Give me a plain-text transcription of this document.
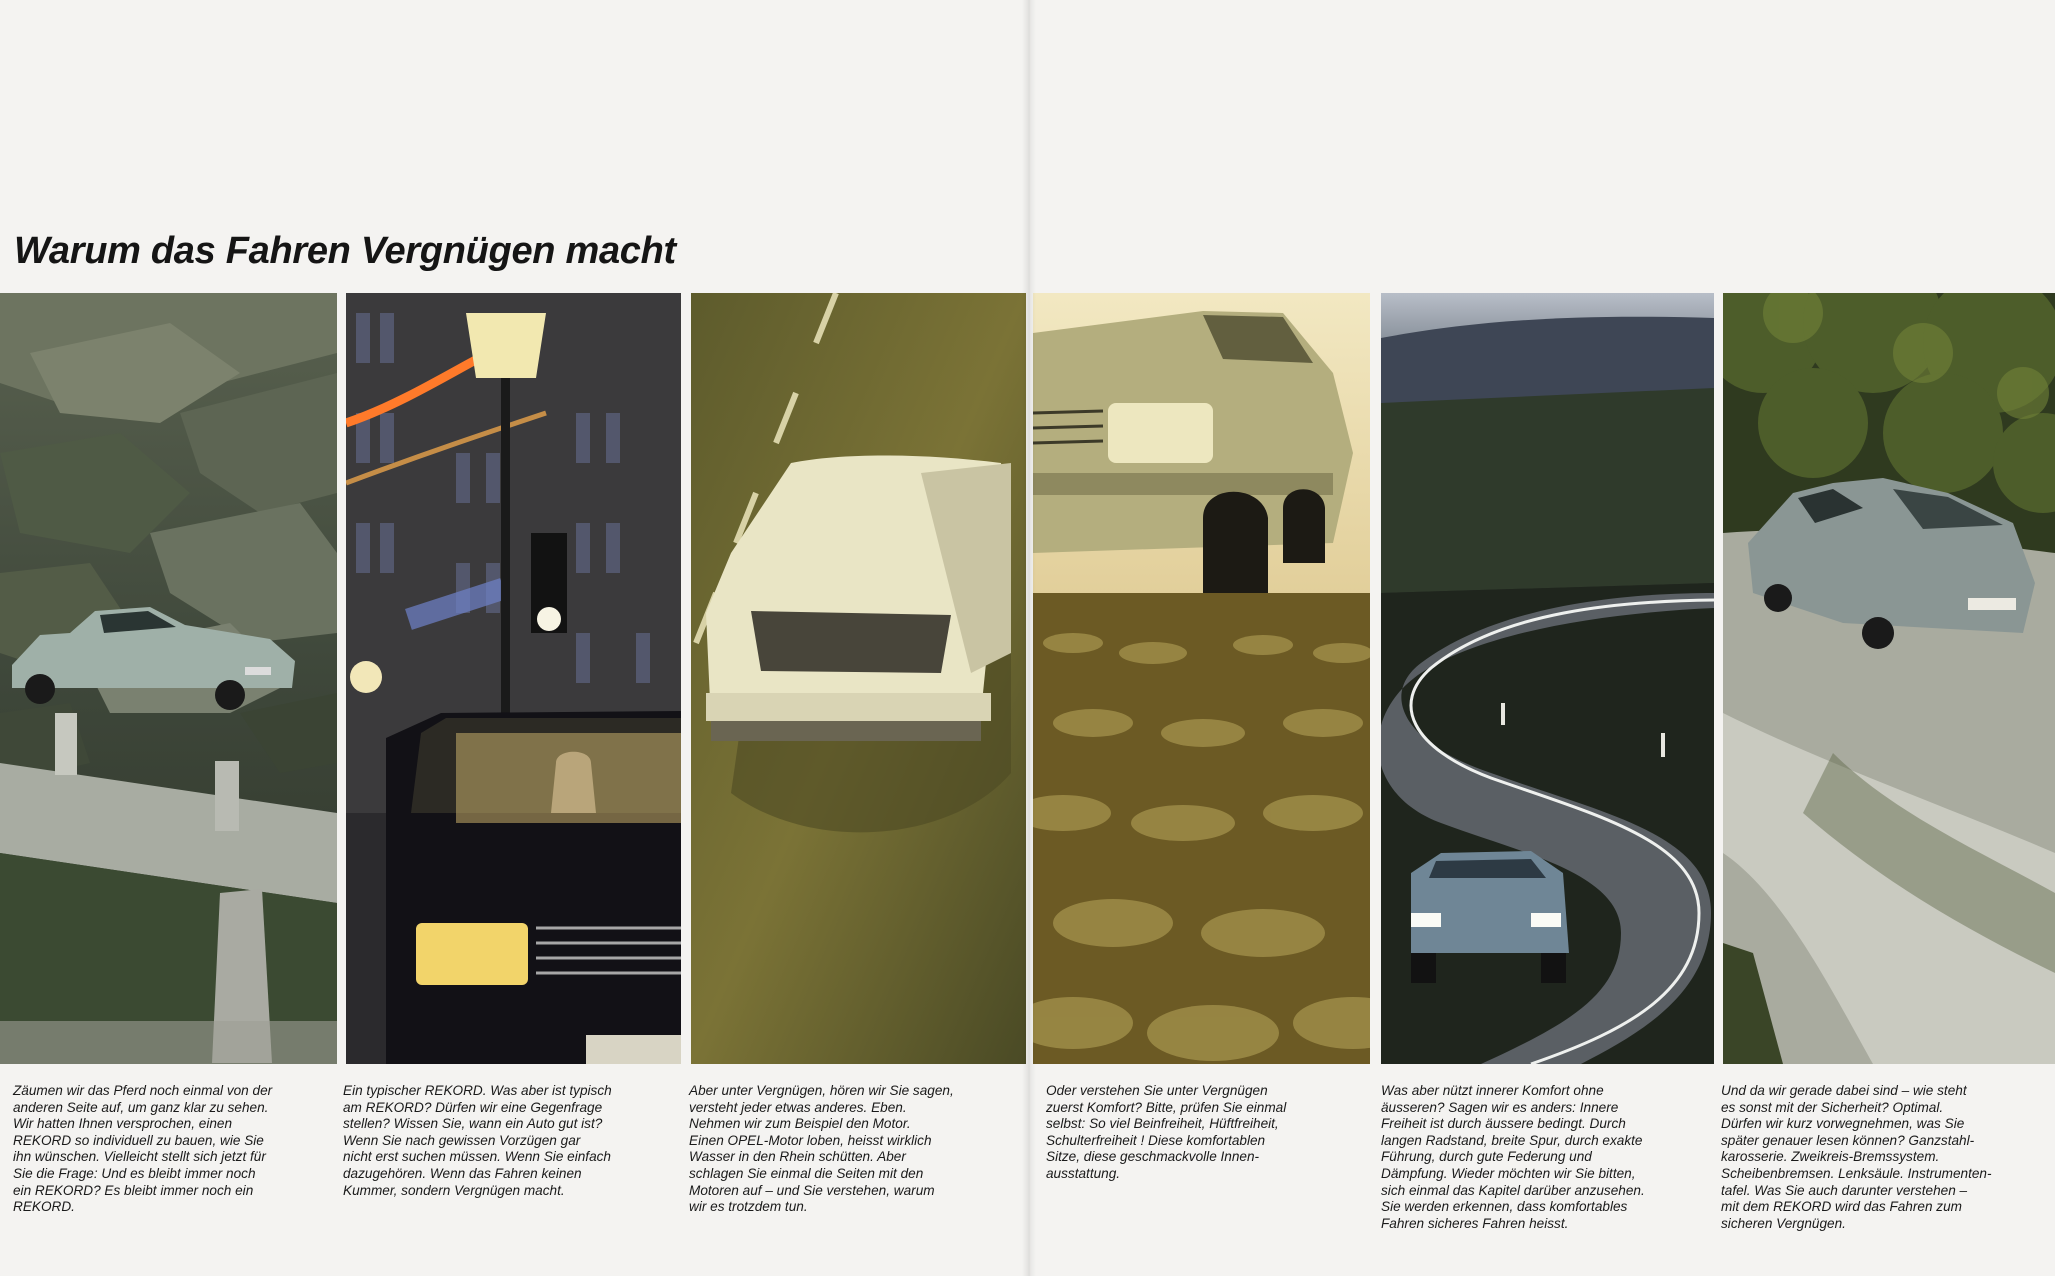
Warum das Fahren Vergnügen macht

Zäumen wir das Pferd noch einmal von der
anderen Seite auf, um ganz klar zu sehen.
Wir hatten Ihnen versprochen, einen
REKORD so individuell zu bauen, wie Sie
ihn wünschen. Vielleicht stellt sich jetzt für
Sie die Frage: Und es bleibt immer noch
ein REKORD? Es bleibt immer noch ein
REKORD.

Ein typischer REKORD. Was aber ist typisch
am REKORD? Dürfen wir eine Gegenfrage
stellen? Wissen Sie, wann ein Auto gut ist?
Wenn Sie nach gewissen Vorzügen gar
nicht erst suchen müssen. Wenn Sie einfach
dazugehören. Wenn das Fahren keinen
Kummer, sondern Vergnügen macht.

Aber unter Vergnügen, hören wir Sie sagen,
versteht jeder etwas anderes. Eben.
Nehmen wir zum Beispiel den Motor.
Einen OPEL-Motor loben, heisst wirklich
Wasser in den Rhein schütten. Aber
schlagen Sie einmal die Seiten mit den
Motoren auf – und Sie verstehen, warum
wir es trotzdem tun.

Oder verstehen Sie unter Vergnügen
zuerst Komfort? Bitte, prüfen Sie einmal
selbst: So viel Beinfreiheit, Hüftfreiheit,
Schulterfreiheit ! Diese komfortablen
Sitze, diese geschmackvolle Innen-
ausstattung.

Was aber nützt innerer Komfort ohne
äusseren? Sagen wir es anders: Innere
Freiheit ist durch äussere bedingt. Durch
langen Radstand, breite Spur, durch exakte
Führung, durch gute Federung und
Dämpfung. Wieder möchten wir Sie bitten,
sich einmal das Kapitel darüber anzusehen.
Sie werden erkennen, dass komfortables
Fahren sicheres Fahren heisst.

Und da wir gerade dabei sind – wie steht
es sonst mit der Sicherheit? Optimal.
Dürfen wir kurz vorwegnehmen, was Sie
später genauer lesen können? Ganzstahl-
karosserie. Zweikreis-Bremssystem.
Scheibenbremsen. Lenksäule. Instrumenten-
tafel. Was Sie auch darunter verstehen –
mit dem REKORD wird das Fahren zum
sicheren Vergnügen.
